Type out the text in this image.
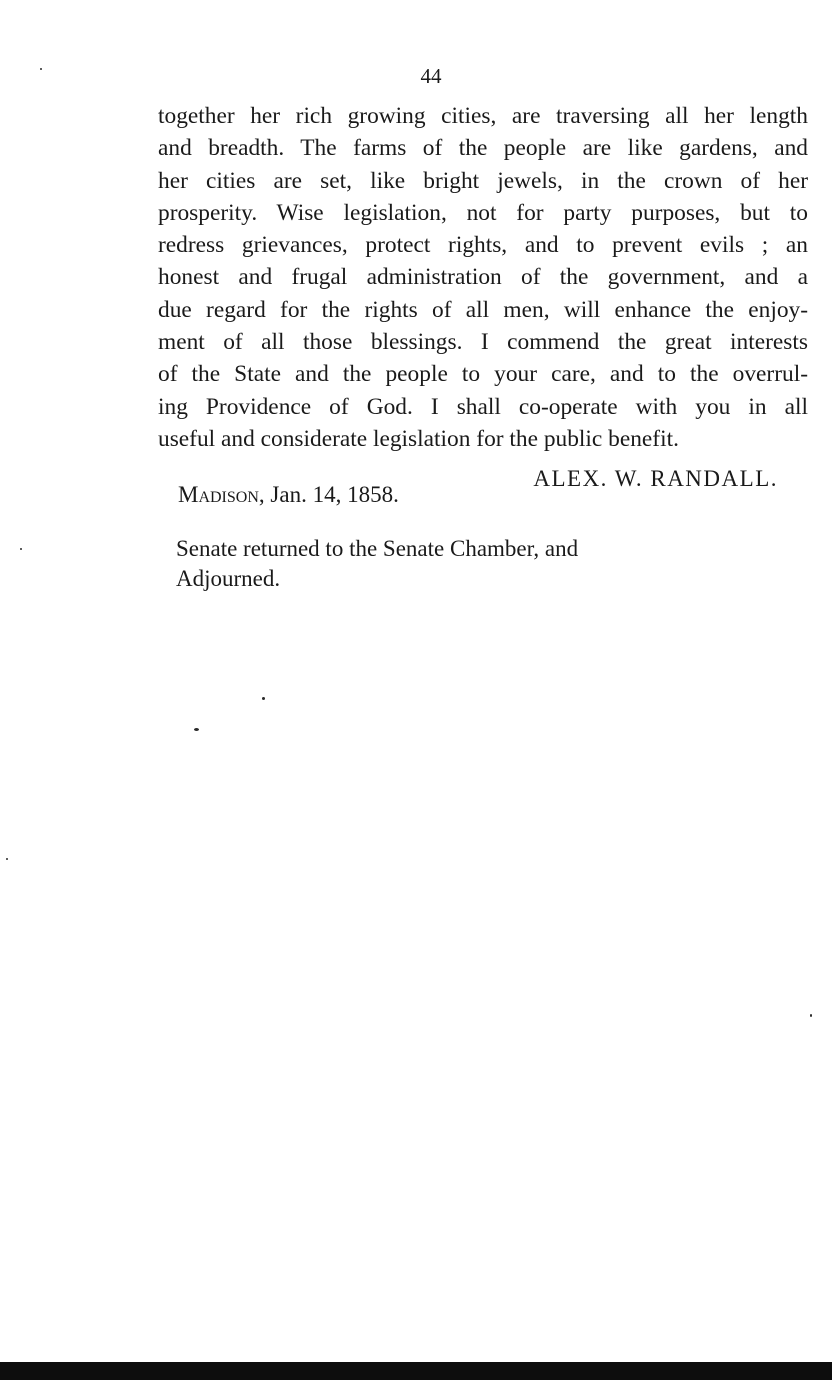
44
together her rich growing cities, are traversing all her length
and breadth. The farms of the people are like gardens, and
her cities are set, like bright jewels, in the crown of her
prosperity. Wise legislation, not for party purposes, but to
redress grievances, protect rights, and to prevent evils ; an
honest and frugal administration of the government, and a
due regard for the rights of all men, will enhance the enjoy-
ment of all those blessings. I commend the great interests
of the State and the people to your care, and to the overrul-
ing Providence of God. I shall co-operate with you in all
useful and considerate legislation for the public benefit.
ALEX. W. RANDALL.
Madison, Jan. 14, 1858.
Senate returned to the Senate Chamber, and
Adjourned.
